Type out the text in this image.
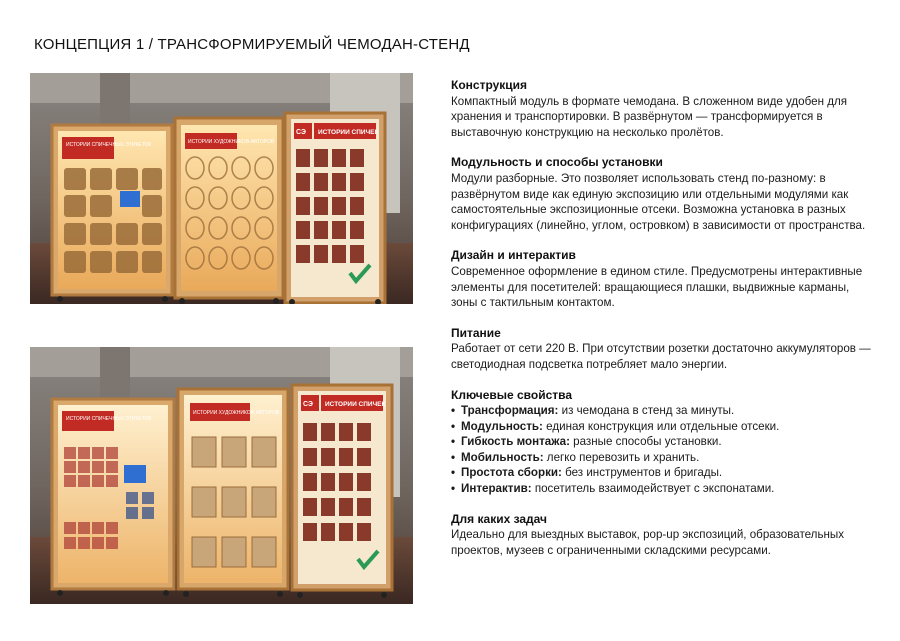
КОНЦЕПЦИЯ 1 / ТРАНСФОРМИРУЕМЫЙ ЧЕМОДАН-СТЕНД
ИСТОРИИ СПИЧЕЧНЫХ ЭТИКЕТОК	ИСТОРИИ ХУДОЖНИКОВ-АВТОРОВ
СЭ ИСТОРИИ СПИЧЕК
ИСТОРИИ СПИЧЕЧНЫХ ЭТИКЕТОК
ИСТОРИИ ХУДОЖНИКОВ-АВТОРОВ
СЭ ИСТОРИИ СПИЧЕК
Конструкция

Компактный модуль в формате чемодана. В сложенном виде удобен для хранения и транспортировки. В развёрнутом — трансформируется в выставочную конструкцию на несколько пролётов.

Модульность и способы установки

Модули разборные. Это позволяет использовать стенд по-разному: в развёрнутом виде как единую экспозицию или отдельными модулями как самостоятельные экспозиционные отсеки. Возможна установка в разных конфигурациях (линейно, углом, островком) в зависимости от пространства.

Дизайн и интерактив

Современное оформление в едином стиле. Предусмотрены интерактивные элементы для посетителей: вращающиеся плашки, выдвижные карманы, зоны с тактильным контактом.

Питание

Работает от сети 220 В. При отсутствии розетки достаточно аккумуляторов — светодиодная подсветка потребляет мало энергии.

Ключевые свойства
• Трансформация: из чемодана в стенд за минуты.
• Модульность: единая конструкция или отдельные отсеки.
• Гибкость монтажа: разные способы установки.
• Мобильность: легко перевозить и хранить.
• Простота сборки: без инструментов и бригады.
• Интерактив: посетитель взаимодействует с экспонатами.
Для каких задач

Идеально для выездных выставок, pop-up экспозиций, образовательных проектов, музеев с ограниченными складскими ресурсами.
